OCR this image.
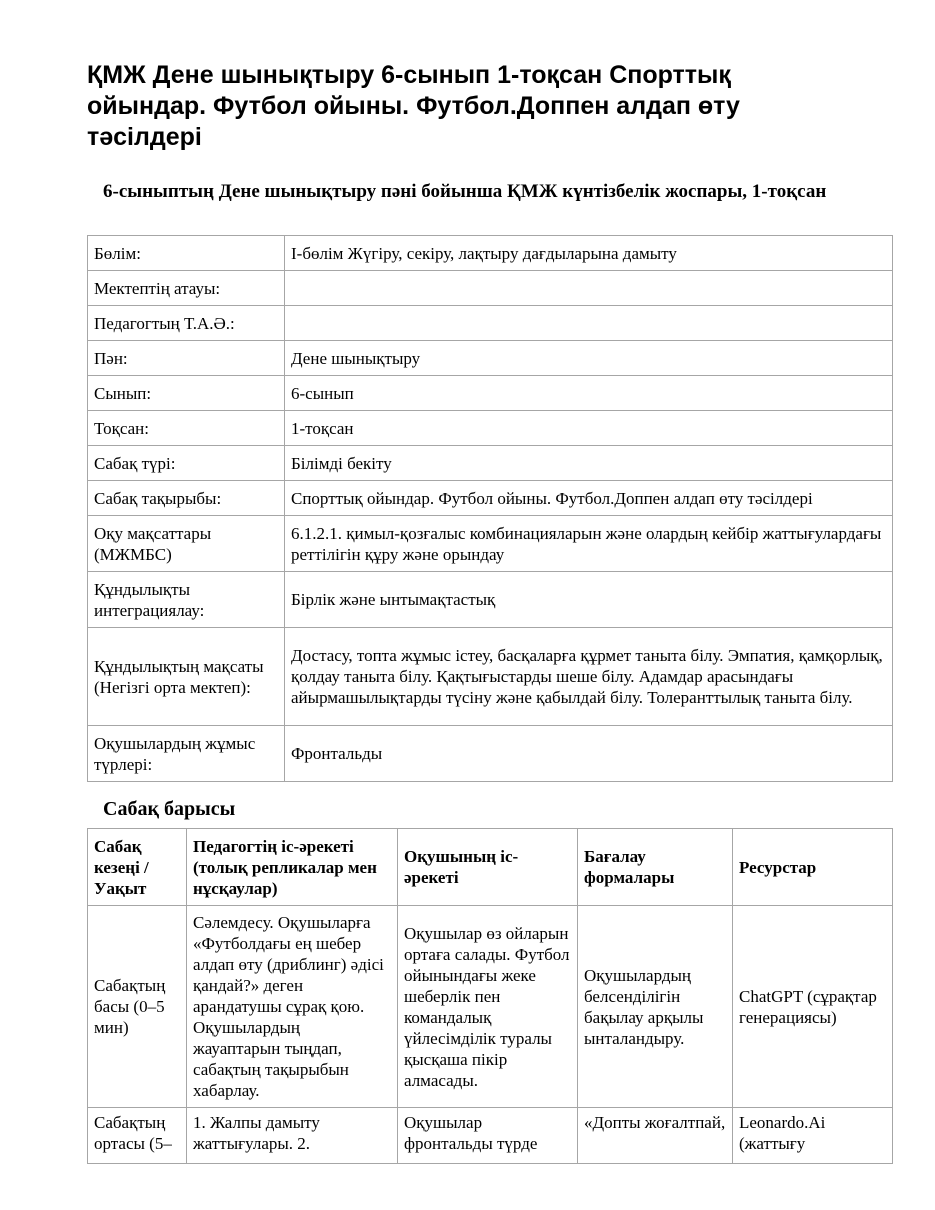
ҚМЖ Дене шынықтыру 6-сынып 1-тоқсан Спорттық ойындар. Футбол ойыны. Футбол.Доппен алдап өту тәсілдері
6-сыныптың Дене шынықтыру пәні бойынша ҚМЖ күнтізбелік жоспары, 1-тоқсан
Бөлім:	I-бөлім Жүгіру, секіру, лақтыру дағдыларына дамыту
Мектептің атауы:	
Педагогтың Т.А.Ә.:	
Пән:	Дене шынықтыру
Сынып:	6-сынып
Тоқсан:	1-тоқсан
Сабақ түрі:	Білімді бекіту
Сабақ тақырыбы:	Спорттық ойындар. Футбол ойыны. Футбол.Доппен алдап өту тәсілдері
Оқу мақсаттары (МЖМБС)	6.1.2.1. қимыл-қозғалыс комбинацияларын және олардың кейбір жаттығулардағы реттілігін құру және орындау
Құндылықты интеграциялау:	Бірлік және ынтымақтастық
Құндылықтың мақсаты (Негізгі орта мектеп):	Достасу, топта жұмыс істеу, басқаларға құрмет таныта білу. Эмпатия, қамқорлық, қолдау таныта білу. Қақтығыстарды шеше білу. Адамдар арасындағы айырмашылықтарды түсіну және қабылдай білу. Толеранттылық таныта білу.
Оқушылардың жұмыс түрлері:	Фронтальды
Сабақ барысы
Сабақ кезеңі / Уақыт	Педагогтің іс-әрекеті (толық репликалар мен нұсқаулар)	Оқушының іс-әрекеті	Бағалау формалары	Ресурстар
Сабақтың басы (0–5 мин)	Сәлемдесу. Оқушыларға «Футболдағы ең шебер алдап өту (дриблинг) әдісі қандай?» деген арандатушы сұрақ қою. Оқушылардың жауаптарын тыңдап, сабақтың тақырыбын хабарлау.	Оқушылар өз ойларын ортаға салады. Футбол ойынындағы жеке шеберлік пен командалық үйлесімділік туралы қысқаша пікір алмасады.	Оқушылардың белсенділігін бақылау арқылы ынталандыру.	ChatGPT (сұрақтар генерациясы)
Сабақтың ортасы (5–	1. Жалпы дамыту жаттығулары. 2.	Оқушылар фронтальды түрде	«Допты жоғалтпай,	Leonardo.Ai (жаттығу
